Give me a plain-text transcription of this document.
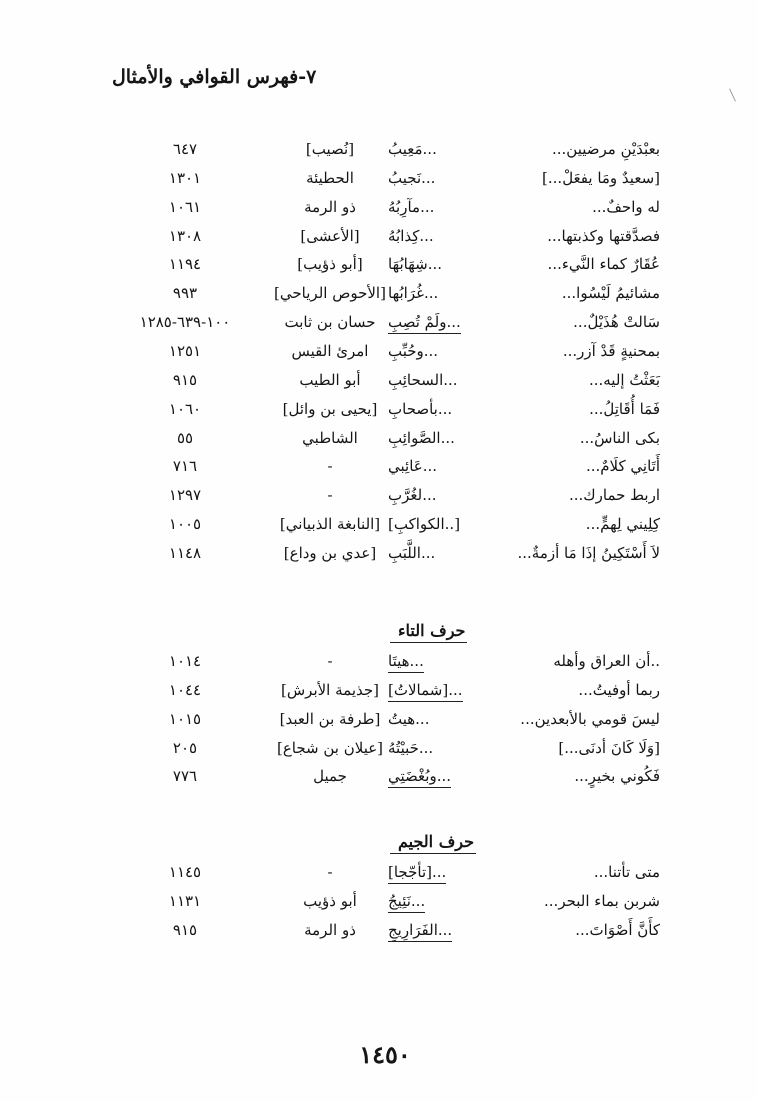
٧-فهرس القوافي والأمثال
بعبْدَيْنِ مرضيين...
...مَعِيبُ
[نُصيب]
٦٤٧
[سعيدٌ ومَا يفعَلْ...]
...نَجيبُ
الحطيئة
١٣٠١
له واحفٌ...
...مآرِبُهُ
ذو الرمة
١٠٦١
فصدَّقتها وكذبتها...
...كِذابُهُ
[الأعشى]
١٣٠٨
عُقَارٌ كماء النَّيء...
...شِهَابُهَا
[أبو ذؤيب]
١١٩٤
مشائيمُ لَيْسُوا...
...غُرَابُها
[الأحوص الرياحي]
٩٩٣
سَالتْ هُذَيْلٌ...
...ولَمْ تُصِبِ
حسان بن ثابت
١٠٠-٦٣٩-١٢٨٥
بمحنيةٍ قَدْ آزر...
...وحُبِّبِ
امرئ القيس
١٢٥١
بَعَثْتُ إليه...
...السحائِبِ
أبو الطيب
٩١٥
فَمَا أُقَاتِلُ...
...بأصحابِ
[يحيى بن وائل]
١٠٦٠
بكى الناسُ...
...الصَّوائِبِ
الشاطبي
٥٥
أَتَانِي كلَامٌ...
...عَائِبي
-
٧١٦
اربط حمارك...
...لغُرَّبِ
-
١٢٩٧
كِلِيني لِهمٍّ...
[..الكواكبِ]
[النابغة الذبياني]
١٠٠٥
لاَ أَسْتَكِينُ إذَا مَا أزمةٌ...
...اللَّبَبِ
[عدي بن وداع]
١١٤٨
حرف التاء
..أن العراق وأهله
...هيتَا
-
١٠١٤
ربما أوفيتُ...
...[شمالاتُ]
[جذيمة الأبرش]
١٠٤٤
ليسَ قومي بالأبعدين...
...هيتُ
[طرفة بن العبد]
١٠١٥
[وَلَا كَانَ أدنَى...]
...حَبيْتُهُ
[عيلان بن شجاع]
٢٠٥
فَكُوني بخيرٍ...
...وبُغْضَتِي
جميل
٧٧٦
حرف الجيم
متى تأتنا...
...[تأجّجا]
-
١١٤٥
شربن بماء البحر...
...نَئِيجُ
أبو ذؤيب
١١٣١
كأَنَّ أَصْوَاتَ...
...الفَرَارِيجِ
ذو الرمة
٩١٥
١٤٥٠
